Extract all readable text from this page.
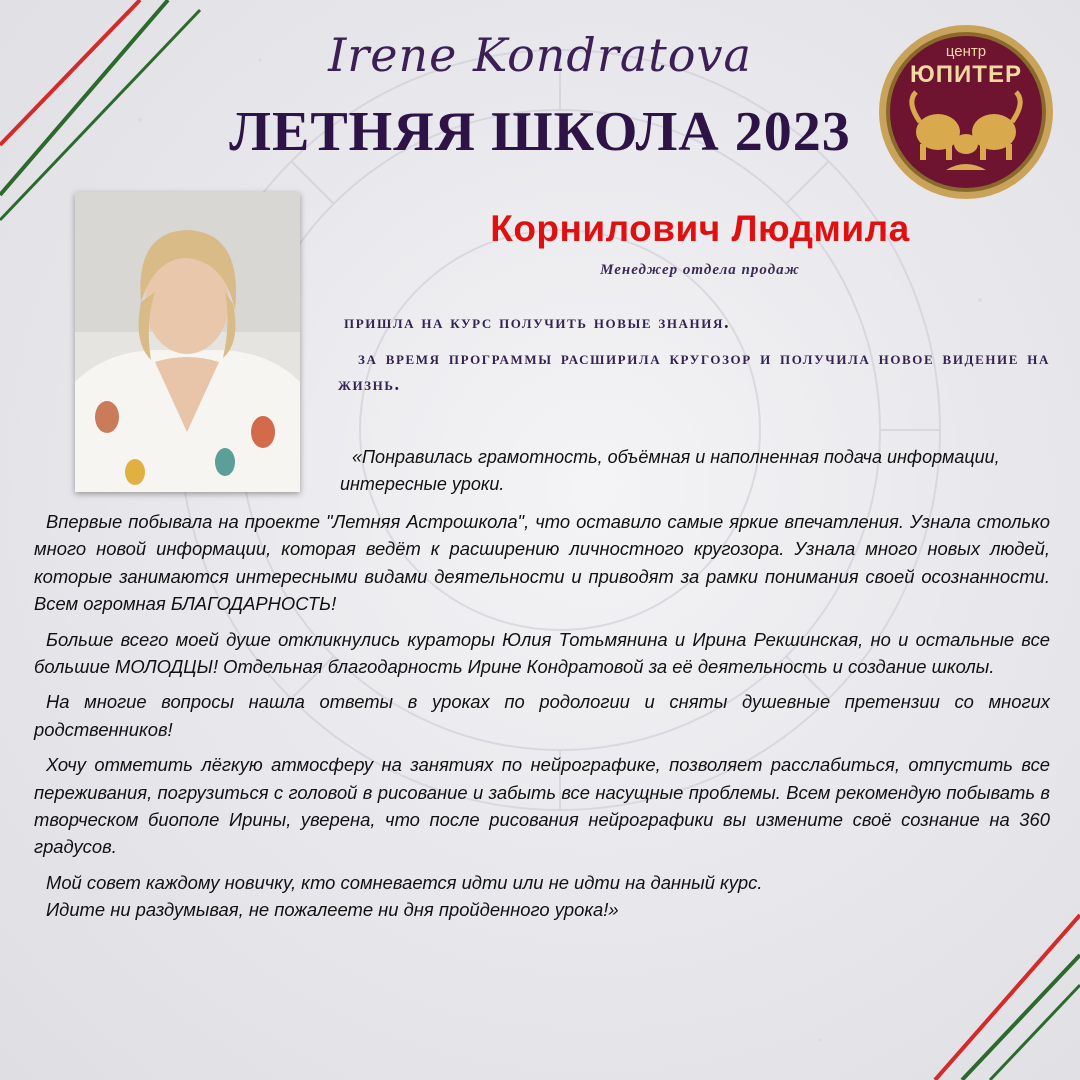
Irene Kondratova
ЛЕТНЯЯ ШКОЛА 2023
центр
ЮПИТЕР
Корнилович Людмила
Менеджер отдела продаж
пришла на курс получить новые знания.
за время программы расширила кругозор и получила новое видение на жизнь.
«Понравилась грамотность, объёмная и наполненная подача информации, интересные уроки.

Впервые побывала на проекте "Летняя Астрошкола", что оставило самые яркие впечатления. Узнала столько много новой информации, которая ведёт к расширению личностного кругозора. Узнала много новых людей, которые занимаются интересными видами деятельности и приводят за рамки понимания своей осознанности. Всем огромная БЛАГОДАРНОСТЬ!

Больше всего моей душе откликнулись кураторы Юлия Тотьмянина и Ирина Рекшинская, но и остальные все большие МОЛОДЦЫ! Отдельная благодарность Ирине Кондратовой за её деятельность и создание школы.

На многие вопросы нашла ответы в уроках по родологии и сняты душевные претензии со многих родственников!

Хочу отметить лёгкую атмосферу на занятиях по нейрографике, позволяет расслабиться, отпустить все переживания, погрузиться с головой в рисование и забыть все насущные проблемы. Всем рекомендую побывать в творческом биополе Ирины, уверена, что после рисования нейрографики вы измените своё сознание на 360 градусов.

Мой совет каждому новичку, кто сомневается идти или не идти на данный курс.

Идите ни раздумывая, не пожалеете ни дня пройденного урока!»
